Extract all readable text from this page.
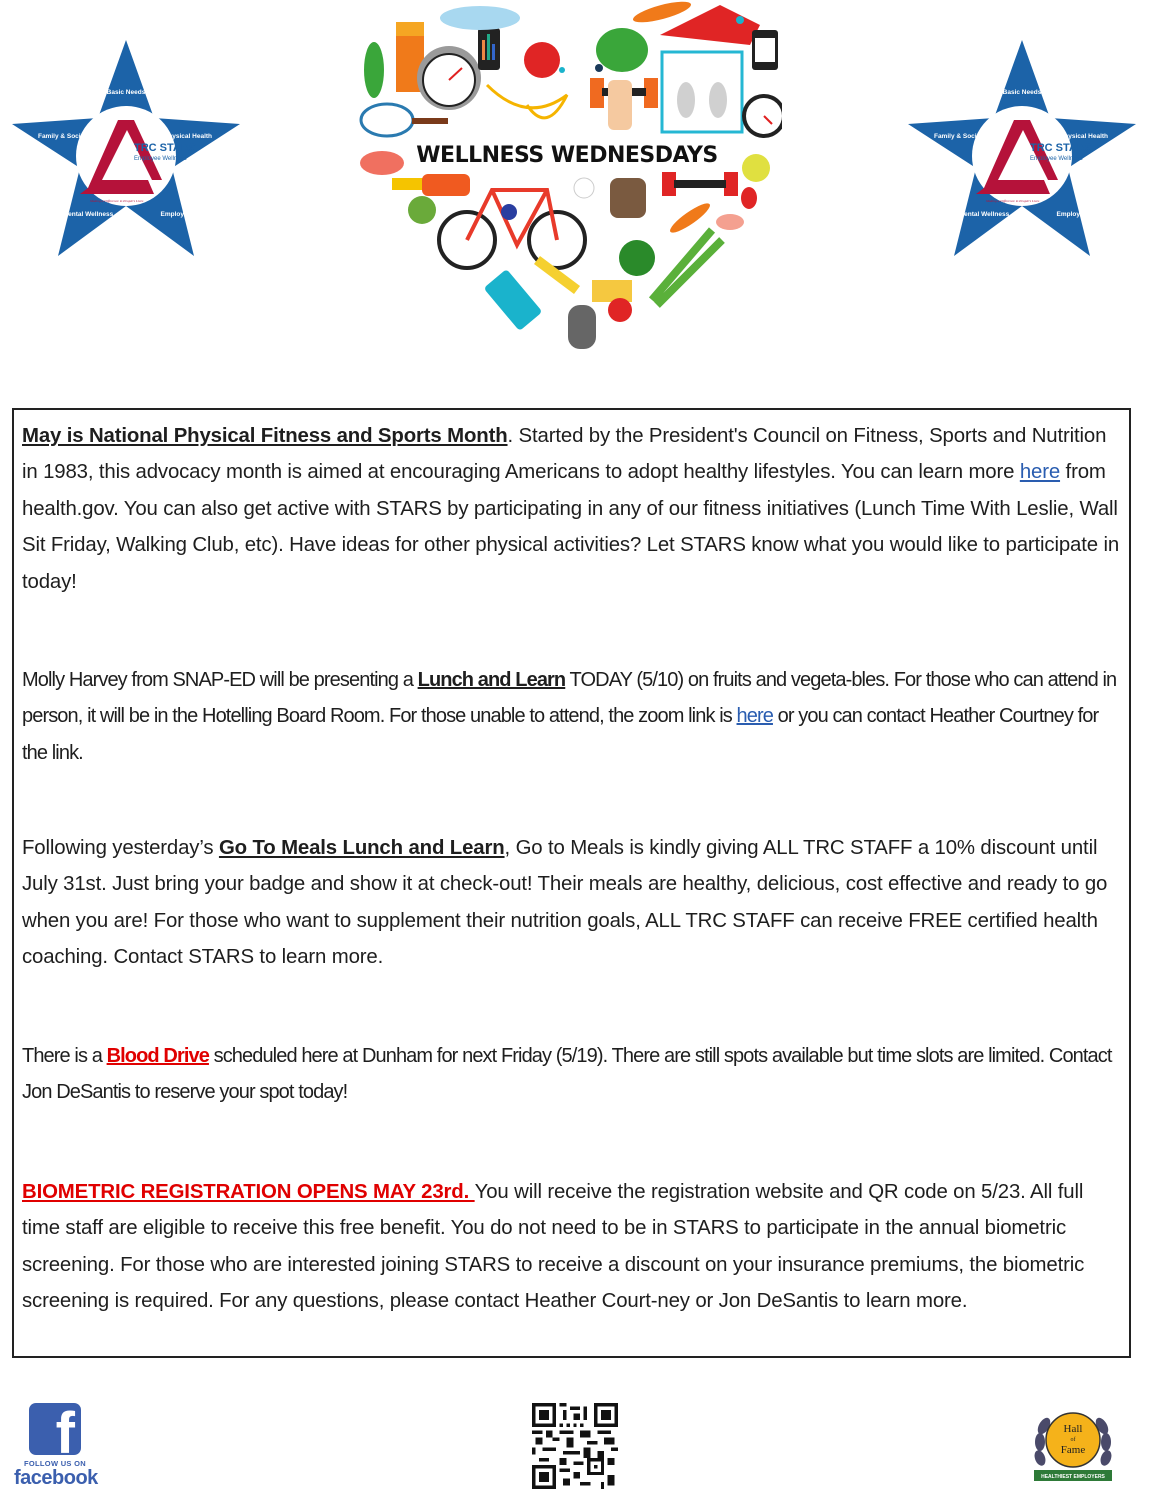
TRC STARS
Employee Wellness
Making a Difference in People's Lives
Basic Needs
Physical Health
Employment
Mental Wellness
Family & Social
WELLNESS WEDNESDAYS
May is National Physical Fitness and Sports Month. Started by the President's Council on Fitness, Sports and Nutrition in 1983, this advocacy month is aimed at encouraging Americans to adopt healthy lifestyles. You can learn more here from health.gov. You can also get active with STARS by participating in any of our fitness initiatives (Lunch Time With Leslie, Wall Sit Friday, Walking Club, etc). Have ideas for other physical activities? Let STARS know what you would like to participate in today!
Molly Harvey from SNAP-ED will be presenting a Lunch and Learn TODAY (5/10) on fruits and vegeta-bles. For those who can attend in person, it will be in the Hotelling Board Room. For those unable to attend, the zoom link is here or you can contact Heather Courtney for the link.
Following yesterday’s Go To Meals Lunch and Learn, Go to Meals is kindly giving ALL TRC STAFF a 10% discount until July 31st. Just bring your badge and show it at check-out! Their meals are healthy, delicious, cost effective and ready to go when you are! For those who want to supplement their nutrition goals, ALL TRC STAFF can receive FREE certified health coaching. Contact STARS to learn more.
There is a Blood Drive scheduled here at Dunham for next Friday (5/19). There are still spots available but time slots are limited. Contact Jon DeSantis to reserve your spot today!
BIOMETRIC REGISTRATION OPENS MAY 23rd. You will receive the registration website and QR code on 5/23. All full time staff are eligible to receive this free benefit. You do not need to be in STARS to participate in the annual biometric screening. For those who are interested joining STARS to receive a discount on your insurance premiums, the biometric screening is required. For any questions, please contact Heather Court-ney or Jon DeSantis to learn more.
f
FOLLOW US ON
facebook
Hall
of
Fame
HEALTHIEST EMPLOYERS
TRC STARS
Employee Wellness
Making a Difference in People's Lives
Basic Needs
Physical Health
Employment
Mental Wellness
Family & Social
